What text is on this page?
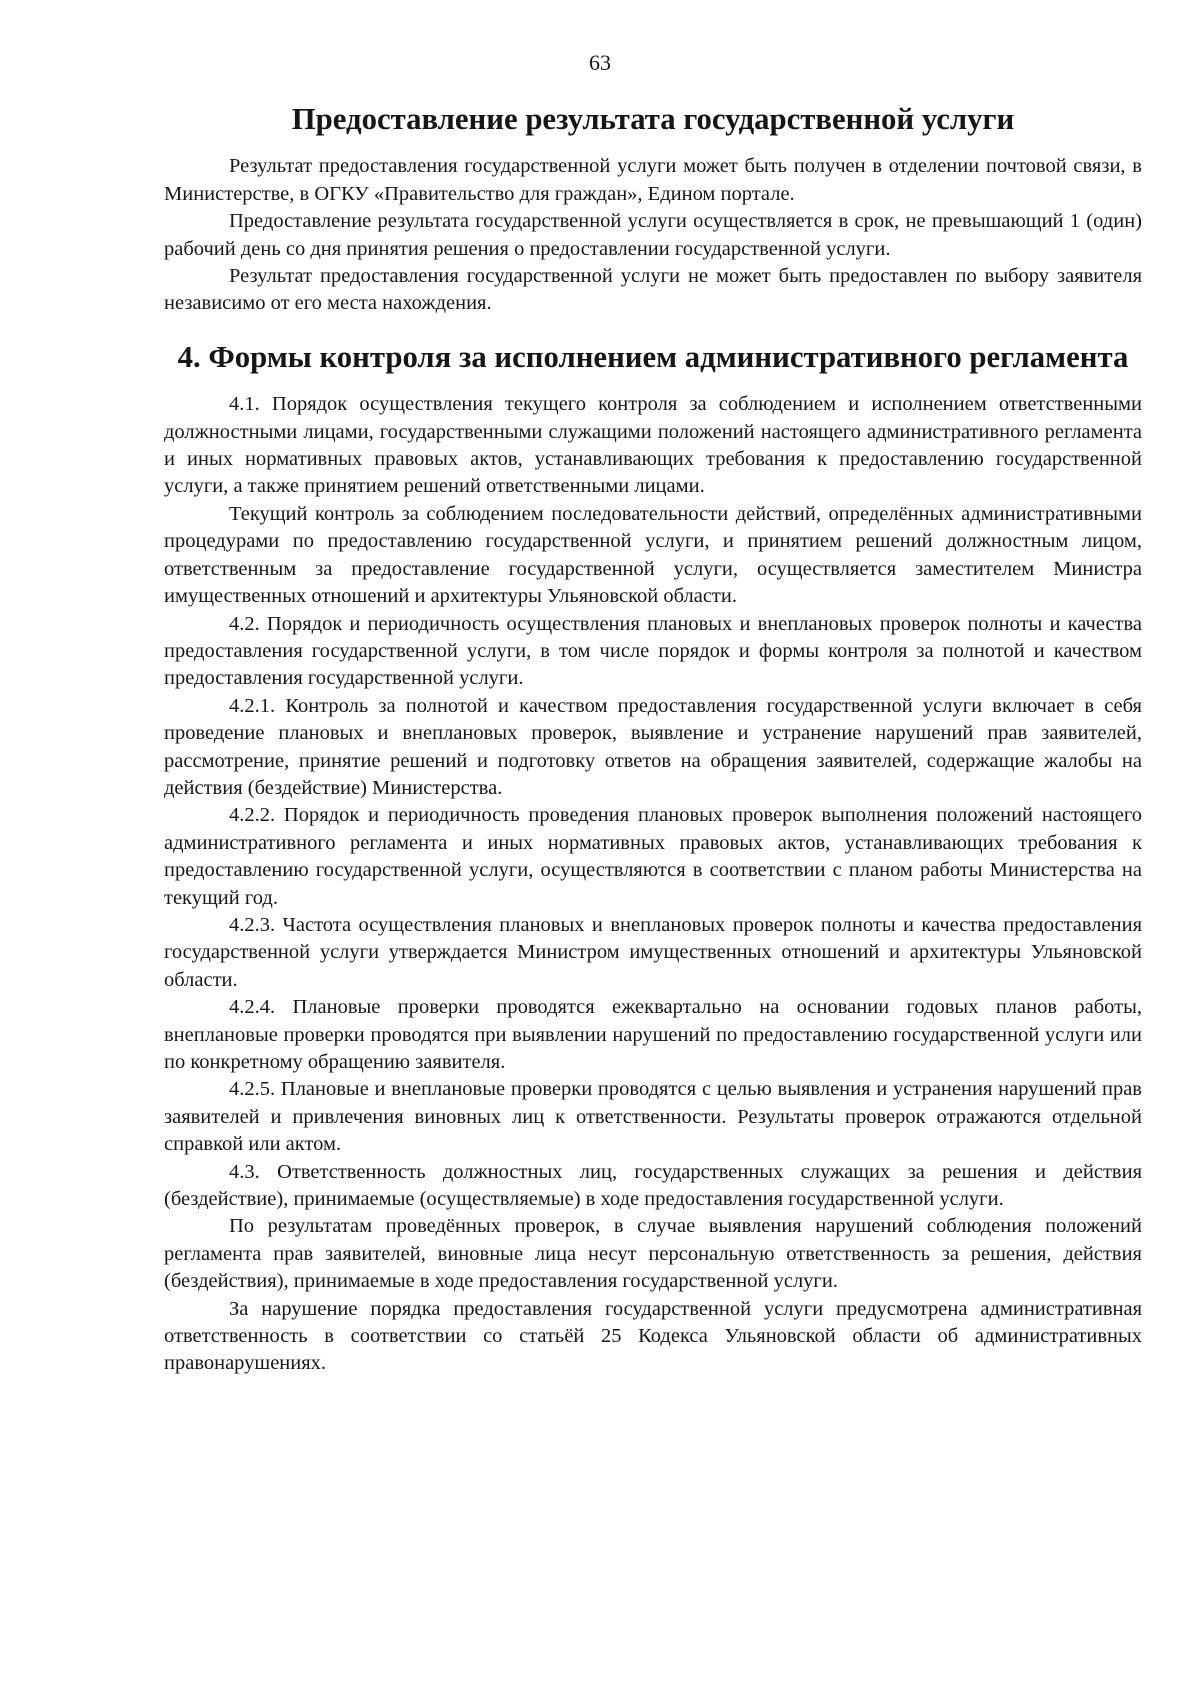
63
Предоставление результата государственной услуги

Результат предоставления государственной услуги может быть получен в отделении почтовой связи, в Министерстве, в ОГКУ «Правительство для граждан», Едином портале.

Предоставление результата государственной услуги осуществляется в срок, не превышающий 1 (один) рабочий день со дня принятия решения о предоставлении государственной услуги.

Результат предоставления государственной услуги не может быть предоставлен по выбору заявителя независимо от его места нахождения.

4. Формы контроля за исполнением административного регламента

4.1. Порядок осуществления текущего контроля за соблюдением и исполнением ответственными должностными лицами, государственными служащими положений настоящего административного регламента и иных нормативных правовых актов, устанавливающих требования к предоставлению государственной услуги, а также принятием решений ответственными лицами.

Текущий контроль за соблюдением последовательности действий, определённых административными процедурами по предоставлению государственной услуги, и принятием решений должностным лицом, ответственным за предоставление государственной услуги, осуществляется заместителем Министра имущественных отношений и архитектуры Ульяновской области.

4.2. Порядок и периодичность осуществления плановых и внеплановых проверок полноты и качества предоставления государственной услуги, в том числе порядок и формы контроля за полнотой и качеством предоставления государственной услуги.

4.2.1. Контроль за полнотой и качеством предоставления государственной услуги включает в себя проведение плановых и внеплановых проверок, выявление и устранение нарушений прав заявителей, рассмотрение, принятие решений и подготовку ответов на обращения заявителей, содержащие жалобы на действия (бездействие) Министерства.

4.2.2. Порядок и периодичность проведения плановых проверок выполнения положений настоящего административного регламента и иных нормативных правовых актов, устанавливающих требования к предоставлению государственной услуги, осуществляются в соответствии с планом работы Министерства на текущий год.

4.2.3. Частота осуществления плановых и внеплановых проверок полноты и качества предоставления государственной услуги утверждается Министром имущественных отношений и архитектуры Ульяновской области.

4.2.4. Плановые проверки проводятся ежеквартально на основании годовых планов работы, внеплановые проверки проводятся при выявлении нарушений по предоставлению государственной услуги или по конкретному обращению заявителя.

4.2.5. Плановые и внеплановые проверки проводятся с целью выявления и устранения нарушений прав заявителей и привлечения виновных лиц к ответственности. Результаты проверок отражаются отдельной справкой или актом.

4.3. Ответственность должностных лиц, государственных служащих за решения и действия (бездействие), принимаемые (осуществляемые) в ходе предоставления государственной услуги.

По результатам проведённых проверок, в случае выявления нарушений соблюдения положений регламента прав заявителей, виновные лица несут персональную ответственность за решения, действия (бездействия), принимаемые в ходе предоставления государственной услуги.

За нарушение порядка предоставления государственной услуги предусмотрена административная ответственность в соответствии со статьёй 25 Кодекса Ульяновской области об административных правонарушениях.
